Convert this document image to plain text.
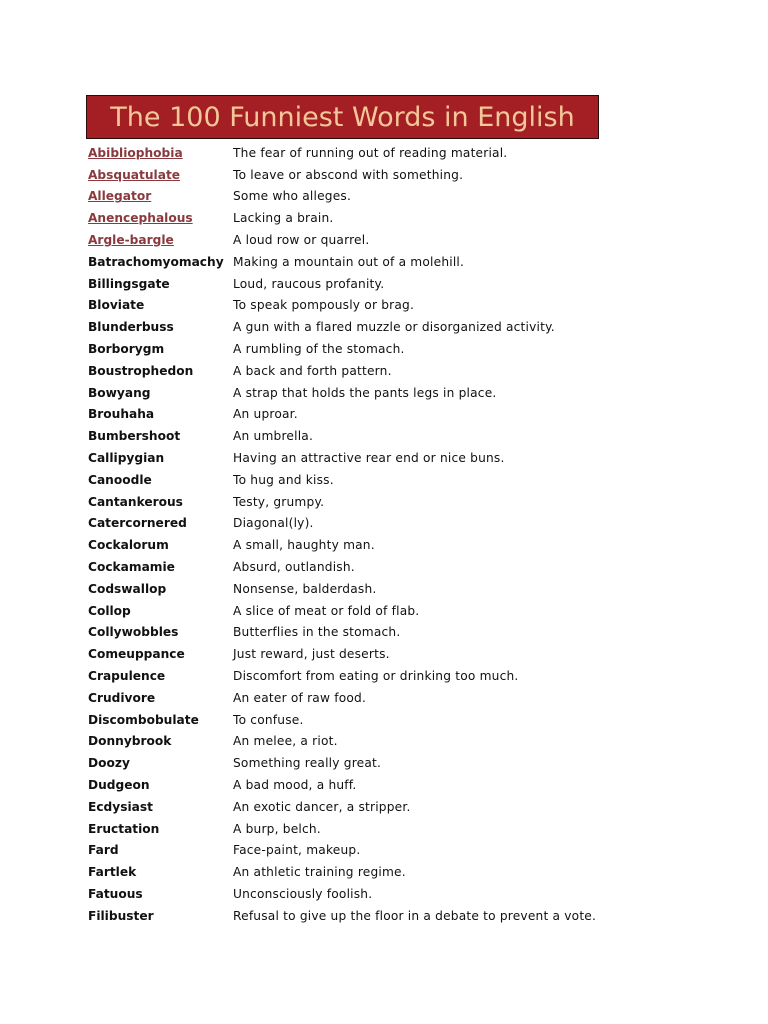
The 100 Funniest Words in English
Abibliophobia	The fear of running out of reading material.
Absquatulate	To leave or abscond with something.
Allegator	Some who alleges.
Anencephalous	Lacking a brain.
Argle-bargle	A loud row or quarrel.
Batrachomyomachy Making a mountain out of a molehill.
Billingsgate	Loud, raucous profanity.
Bloviate	To speak pompously or brag.
Blunderbuss	A gun with a flared muzzle or disorganized activity.
Borborygm	A rumbling of the stomach.
Boustrophedon	A back and forth pattern.
Bowyang	A strap that holds the pants legs in place.
Brouhaha	An uproar.
Bumbershoot	An umbrella.
Callipygian	Having an attractive rear end or nice buns.
Canoodle	To hug and kiss.
Cantankerous	Testy, grumpy.
Catercornered	Diagonal(ly).
Cockalorum	A small, haughty man.
Cockamamie	Absurd, outlandish.
Codswallop	Nonsense, balderdash.
Collop	A slice of meat or fold of flab.
Collywobbles	Butterflies in the stomach.
Comeuppance	Just reward, just deserts.
Crapulence	Discomfort from eating or drinking too much.
Crudivore	An eater of raw food.
Discombobulate	To confuse.
Donnybrook	An melee, a riot.
Doozy	Something really great.
Dudgeon	A bad mood, a huff.
Ecdysiast	An exotic dancer, a stripper.
Eructation	A burp, belch.
Fard	Face-paint, makeup.
Fartlek	An athletic training regime.
Fatuous	Unconsciously foolish.
Filibuster	Refusal to give up the floor in a debate to prevent a vote.
